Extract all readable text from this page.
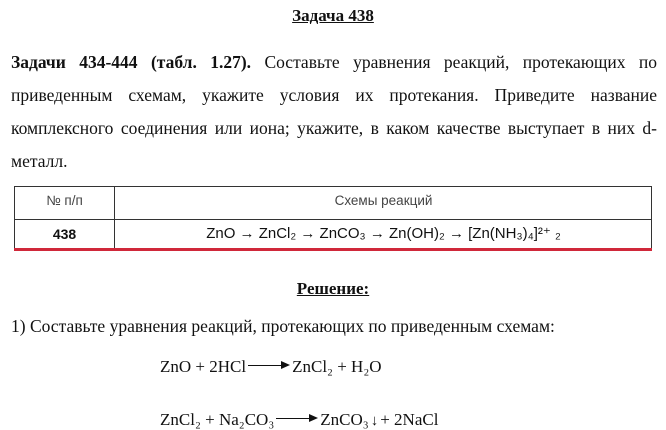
Задача 438
Задачи 434-444 (табл. 1.27). Составьте уравнения реакций, протекающих по приведенным схемам, укажите условия их протекания. Приведите название комплексного соединения или иона; укажите, в каком качестве выступает в них d-металл.
№ п/п	Схемы реакций
438	ZnO → ZnCl₂ → ZnCO₃ → Zn(OH)₂ → [Zn(NH₃)₄]²⁺ ₂
Решение:
1) Составьте уравнения реакций, протекающих по приведенным схемам:
ZnO + 2HCl	ZnCl₂ + H₂O
ZnCl₂ + Na₂CO₃	ZnCO₃ ↓ + 2NaCl
